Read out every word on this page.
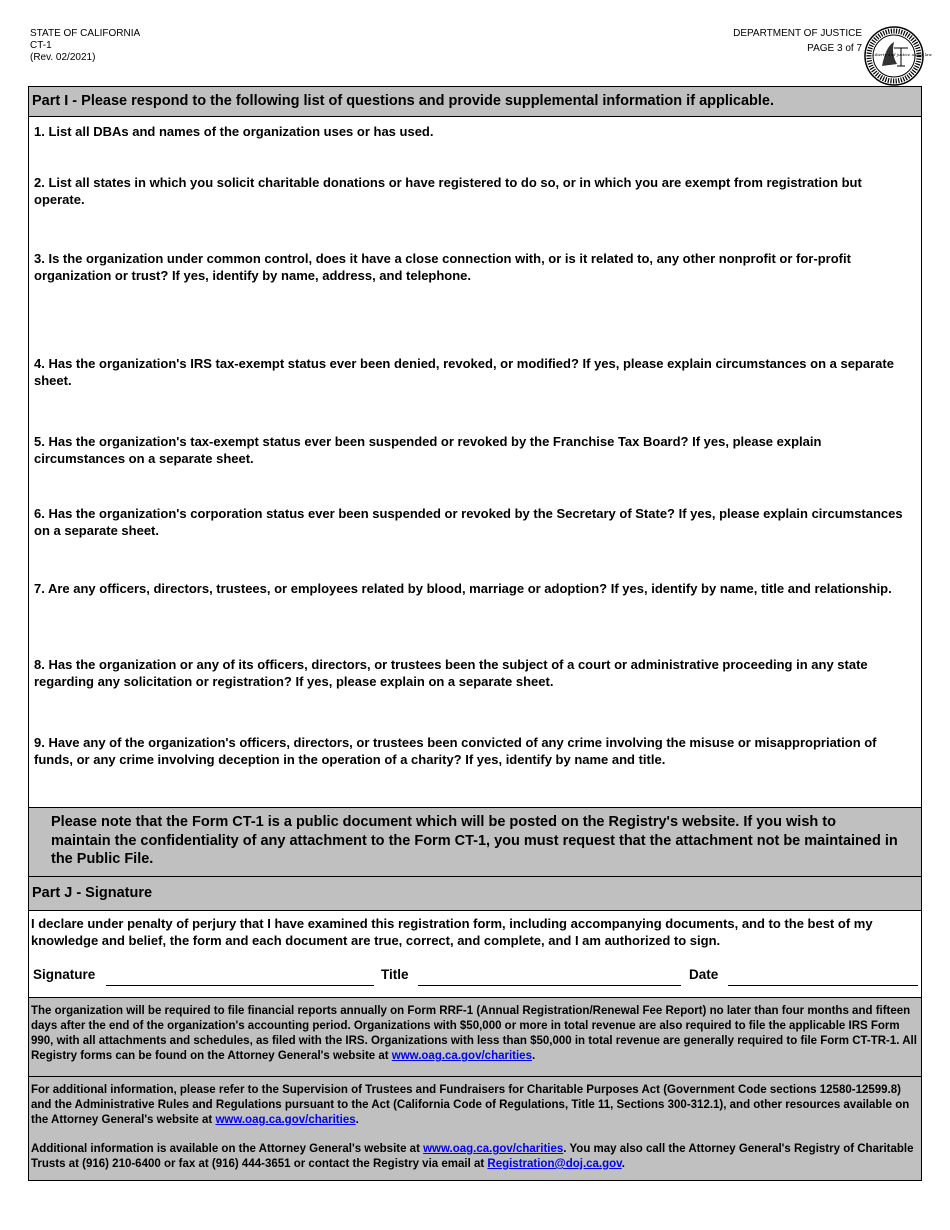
STATE OF CALIFORNIA
CT-1
(Rev. 02/2021)
DEPARTMENT OF JUSTICE
PAGE 3 of 7
Liberty and justice under law
Part I - Please respond to the following list of questions and provide supplemental information if applicable.
1. List all DBAs and names of the organization uses or has used.
2. List all states in which you solicit charitable donations or have registered to do so, or in which you are exempt from registration but operate.
3. Is the organization under common control, does it have a close connection with, or is it related to, any other nonprofit or for-profit organization or trust? If yes, identify by name, address, and telephone.
4. Has the organization's IRS tax-exempt status ever been denied, revoked, or modified? If yes, please explain circumstances on a separate sheet.
5. Has the organization's tax-exempt status ever been suspended or revoked by the Franchise Tax Board? If yes, please explain circumstances on a separate sheet.
6. Has the organization's corporation status ever been suspended or revoked by the Secretary of State? If yes, please explain circumstances on a separate sheet.
7. Are any officers, directors, trustees, or employees related by blood, marriage or adoption? If yes, identify by name, title and relationship.
8. Has the organization or any of its officers, directors, or trustees been the subject of a court or administrative proceeding in any state regarding any solicitation or registration? If yes, please explain on a separate sheet.
9. Have any of the organization's officers, directors, or trustees been convicted of any crime involving the misuse or misappropriation of funds, or any crime involving deception in the operation of a charity? If yes, identify by name and title.
Please note that the Form CT-1 is a public document which will be posted on the Registry's website. If you wish to maintain the confidentiality of any attachment to the Form CT-1, you must request that the attachment not be maintained in the Public File.
Part J - Signature
I declare under penalty of perjury that I have examined this registration form, including accompanying documents, and to the best of my knowledge and belief, the form and each document are true, correct, and complete, and I am authorized to sign.
Signature	Title	Date
The organization will be required to file financial reports annually on Form RRF-1 (Annual Registration/Renewal Fee Report) no later than four months and fifteen days after the end of the organization's accounting period. Organizations with $50,000 or more in total revenue are also required to file the applicable IRS Form 990, with all attachments and schedules, as filed with the IRS. Organizations with less than $50,000 in total revenue are generally required to file Form CT-TR-1. All Registry forms can be found on the Attorney General's website at www.oag.ca.gov/charities.
For additional information, please refer to the Supervision of Trustees and Fundraisers for Charitable Purposes Act (Government Code sections 12580-12599.8) and the Administrative Rules and Regulations pursuant to the Act (California Code of Regulations, Title 11, Sections 300-312.1), and other resources available on the Attorney General's website at www.oag.ca.gov/charities.
Additional information is available on the Attorney General's website at www.oag.ca.gov/charities. You may also call the Attorney General's Registry of Charitable Trusts at (916) 210-6400 or fax at (916) 444-3651 or contact the Registry via email at Registration@doj.ca.gov.
